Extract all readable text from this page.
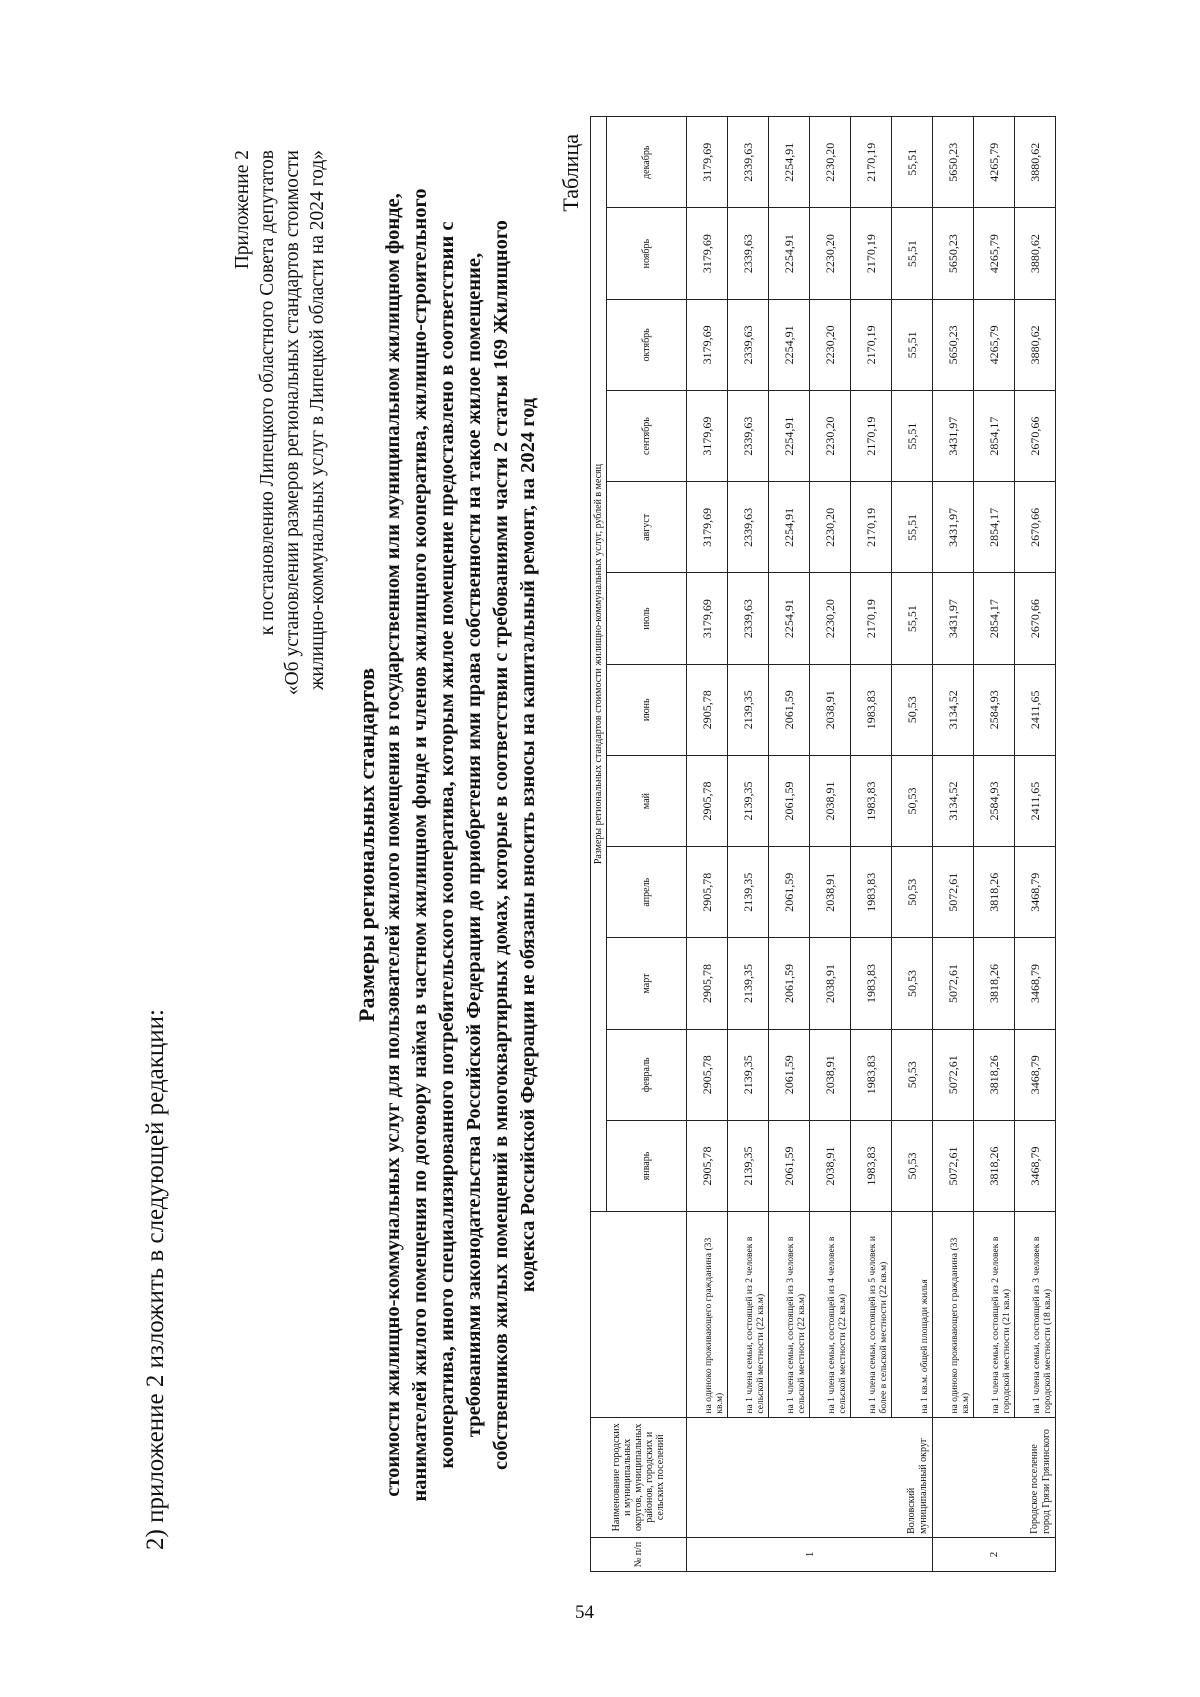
2) приложение 2 изложить в следующей редакции:
Приложение 2 к постановлению Липецкого областного Совета депутатов «Об установлении размеров региональных стандартов стоимости жилищно-коммунальных услуг в Липецкой области на 2024 год»
Размеры региональных стандартов стоимости жилищно-коммунальных услуг для пользователей жилого помещения в государственном или муниципальном жилищном фонде, нанимателей жилого помещения по договору найма в частном жилищном фонде и членов жилищного кооператива, жилищно-строительного кооператива, иного специализированного потребительского кооператива, которым жилое помещение предоставлено в соответствии с требованиями законодательства Российской Федерации до приобретения ими права собственности на такое жилое помещение, собственников жилых помещений в многоквартирных домах, которые в соответствии с требованиями части 2 статьи 169 Жилищного кодекса Российской Федерации не обязаны вносить взносы на капитальный ремонт, на 2024 год
Таблица
№ п/п	Наименование городских и муниципальных округов, муниципальных районов, городских и сельских поселений		Размеры региональных стандартов стоимости жилищно-коммунальных услуг, рублей в месяц											
			январь	февраль	март	апрель	май	июнь	июль	август	сентябрь	октябрь	ноябрь	декабрь
1	Воловский муниципальный округ	на одиноко проживающего гражданина (33 кв.м)	2905,78	2905,78	2905,78	2905,78	2905,78	2905,78	3179,69	3179,69	3179,69	3179,69	3179,69	3179,69
		на 1 члена семьи, состоящей из 2 человек в сельской местности (22 кв.м)	2139,35	2139,35	2139,35	2139,35	2139,35	2139,35	2339,63	2339,63	2339,63	2339,63	2339,63	2339,63
		на 1 члена семьи, состоящей из 3 человек в сельской местности (22 кв.м)	2061,59	2061,59	2061,59	2061,59	2061,59	2061,59	2254,91	2254,91	2254,91	2254,91	2254,91	2254,91
		на 1 члена семьи, состоящей из 4 человек в сельской местности (22 кв.м)	2038,91	2038,91	2038,91	2038,91	2038,91	2038,91	2230,20	2230,20	2230,20	2230,20	2230,20	2230,20
		на 1 члена семьи, состоящей из 5 человек и более в сельской местности (22 кв.м)	1983,83	1983,83	1983,83	1983,83	1983,83	1983,83	2170,19	2170,19	2170,19	2170,19	2170,19	2170,19
		на 1 кв.м. общей площади жилья	50,53	50,53	50,53	50,53	50,53	50,53	55,51	55,51	55,51	55,51	55,51	55,51
2	Городское поселение город Грязи Грязинского	на одиноко проживающего гражданина (33 кв.м)	5072,61	5072,61	5072,61	5072,61	3134,52	3134,52	3431,97	3431,97	3431,97	5650,23	5650,23	5650,23
		на 1 члена семьи, состоящей из 2 человек в городской местности (21 кв.м)	3818,26	3818,26	3818,26	3818,26	2584,93	2584,93	2854,17	2854,17	2854,17	4265,79	4265,79	4265,79
		на 1 члена семьи, состоящей из 3 человек в городской местности (18 кв.м)	3468,79	3468,79	3468,79	3468,79	2411,65	2411,65	2670,66	2670,66	2670,66	3880,62	3880,62	3880,62
54
